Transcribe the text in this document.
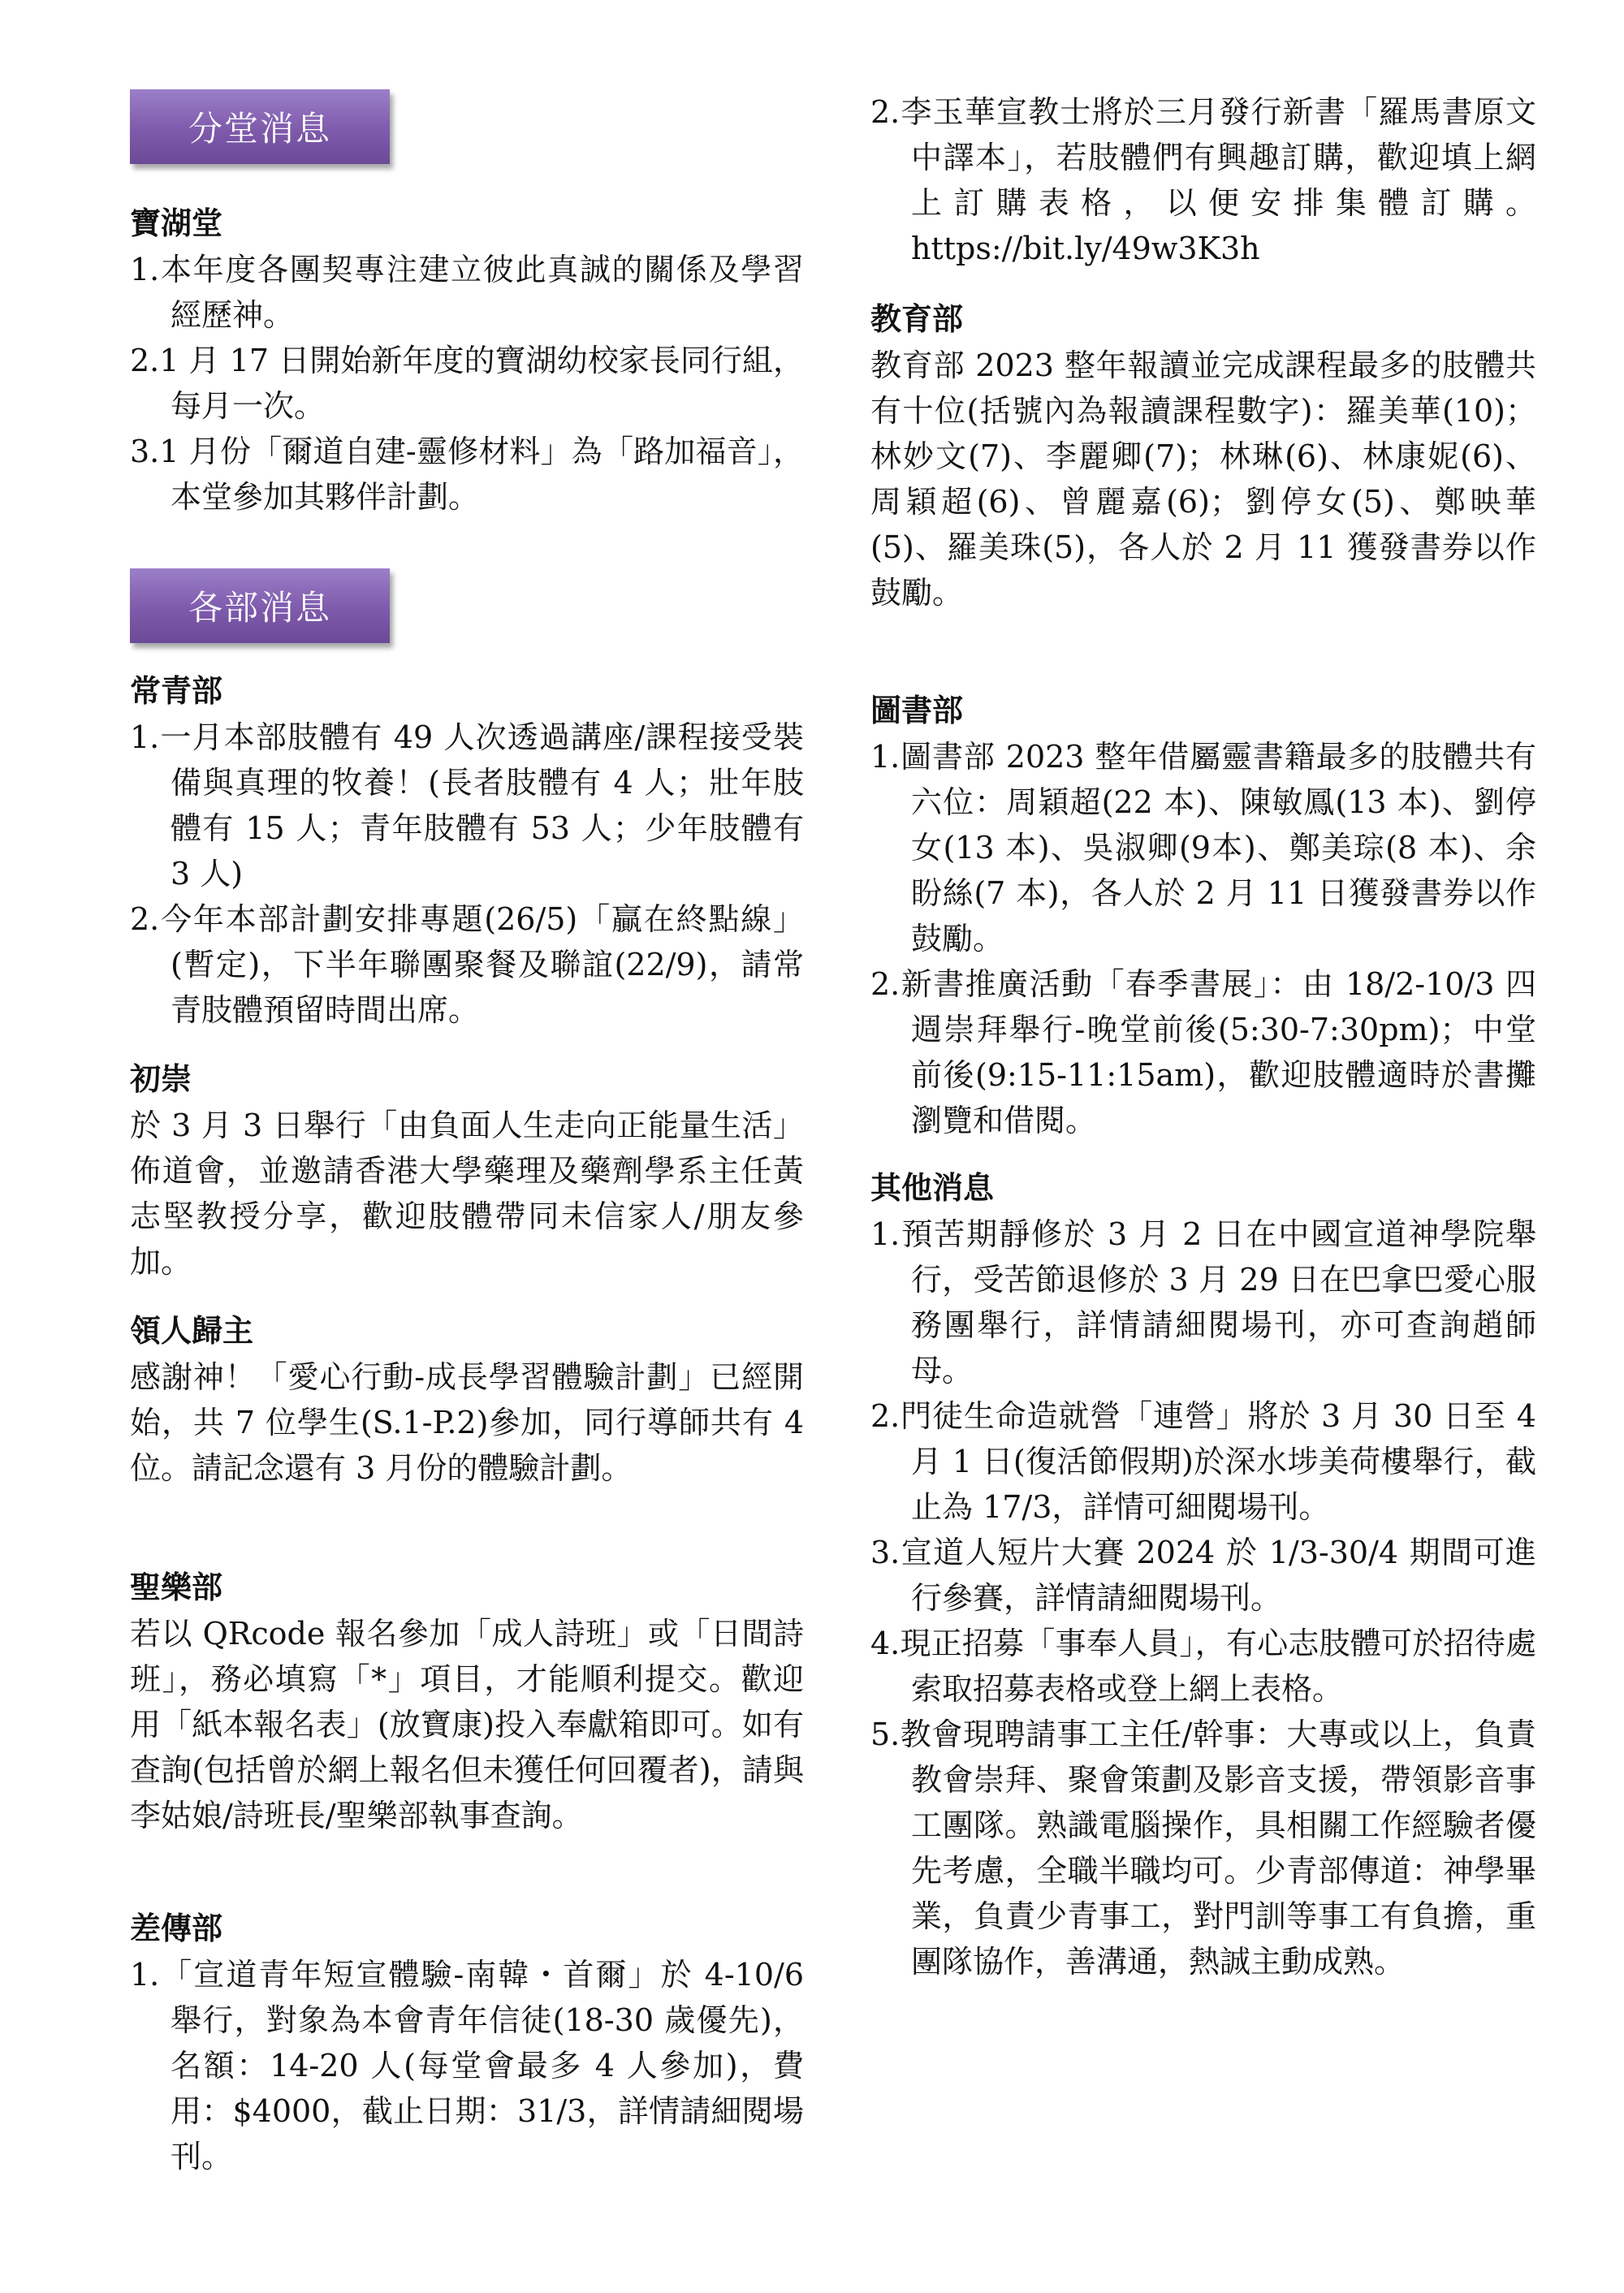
分堂消息

寶湖堂

1.本年度各團契專注建立彼此真誠的關係及學習經歷神。

2.1 月 17 日開始新年度的寶湖幼校家長同行組，每月一次。

3.1 月份「爾道自建-靈修材料」為「路加福音」，本堂參加其夥伴計劃。

各部消息

常青部

1.一月本部肢體有 49 人次透過講座/課程接受裝備與真理的牧養！(長者肢體有 4 人；壯年肢體有 15 人；青年肢體有 53 人；少年肢體有 3 人)

2.今年本部計劃安排專題(26/5)「贏在終點線」(暫定)，下半年聯團聚餐及聯誼(22/9)，請常青肢體預留時間出席。

初崇

於 3 月 3 日舉行「由負面人生走向正能量生活」佈道會，並邀請香港大學藥理及藥劑學系主任黃志堅教授分享，歡迎肢體帶同未信家人/朋友參加。

領人歸主

感謝神！「愛心行動-成長學習體驗計劃」已經開始，共 7 位學生(S.1-P.2)參加，同行導師共有 4 位。請記念還有 3 月份的體驗計劃。

聖樂部

若以 QRcode 報名參加「成人詩班」或「日間詩班」，務必填寫「*」項目，才能順利提交。歡迎用「紙本報名表」(放寶康)投入奉獻箱即可。如有查詢(包括曾於網上報名但未獲任何回覆者)，請與李姑娘/詩班長/聖樂部執事查詢。

差傳部

1.「宣道青年短宣體驗-南韓・首爾」於 4-10/6 舉行，對象為本會青年信徒(18-30 歲優先)，名額：14-20 人(每堂會最多 4 人參加)，費用：$4000，截止日期：31/3，詳情請細閱場刊。

2.李玉華宣教士將於三月發行新書「羅馬書原文中譯本」，若肢體們有興趣訂購，歡迎填上網上訂購表格，以便安排集體訂購。https://bit.ly/49w3K3h

教育部

教育部 2023 整年報讀並完成課程最多的肢體共有十位(括號內為報讀課程數字)：羅美華(10)；林妙文(7)、李麗卿(7)；林琳(6)、林康妮(6)、周穎超(6)、曾麗嘉(6)；劉停女(5)、鄭映華(5)、羅美珠(5)，各人於 2 月 11 獲發書券以作鼓勵。

圖書部

1.圖書部 2023 整年借屬靈書籍最多的肢體共有六位：周穎超(22 本)、陳敏鳳(13 本)、劉停女(13 本)、吳淑卿(9本)、鄭美琮(8 本)、余盼絲(7 本)，各人於 2 月 11 日獲發書券以作鼓勵。

2.新書推廣活動「春季書展」：由 18/2-10/3 四週崇拜舉行-晚堂前後(5:30-7:30pm)；中堂前後(9:15-11:15am)，歡迎肢體適時於書攤瀏覽和借閱。

其他消息

1.預苦期靜修於 3 月 2 日在中國宣道神學院舉行，受苦節退修於 3 月 29 日在巴拿巴愛心服務團舉行，詳情請細閱場刊，亦可查詢趙師母。

2.門徒生命造就營「連營」將於 3 月 30 日至 4 月 1 日(復活節假期)於深水埗美荷樓舉行，截止為 17/3，詳情可細閱場刊。

3.宣道人短片大賽 2024 於 1/3-30/4 期間可進行參賽，詳情請細閱場刊。

4.現正招募「事奉人員」，有心志肢體可於招待處索取招募表格或登上網上表格。

5.教會現聘請事工主任/幹事：大專或以上，負責教會崇拜、聚會策劃及影音支援，帶領影音事工團隊。熟識電腦操作，具相關工作經驗者優先考慮，全職半職均可。少青部傳道：神學畢業，負責少青事工，對門訓等事工有負擔，重團隊協作，善溝通，熱誠主動成熟。
